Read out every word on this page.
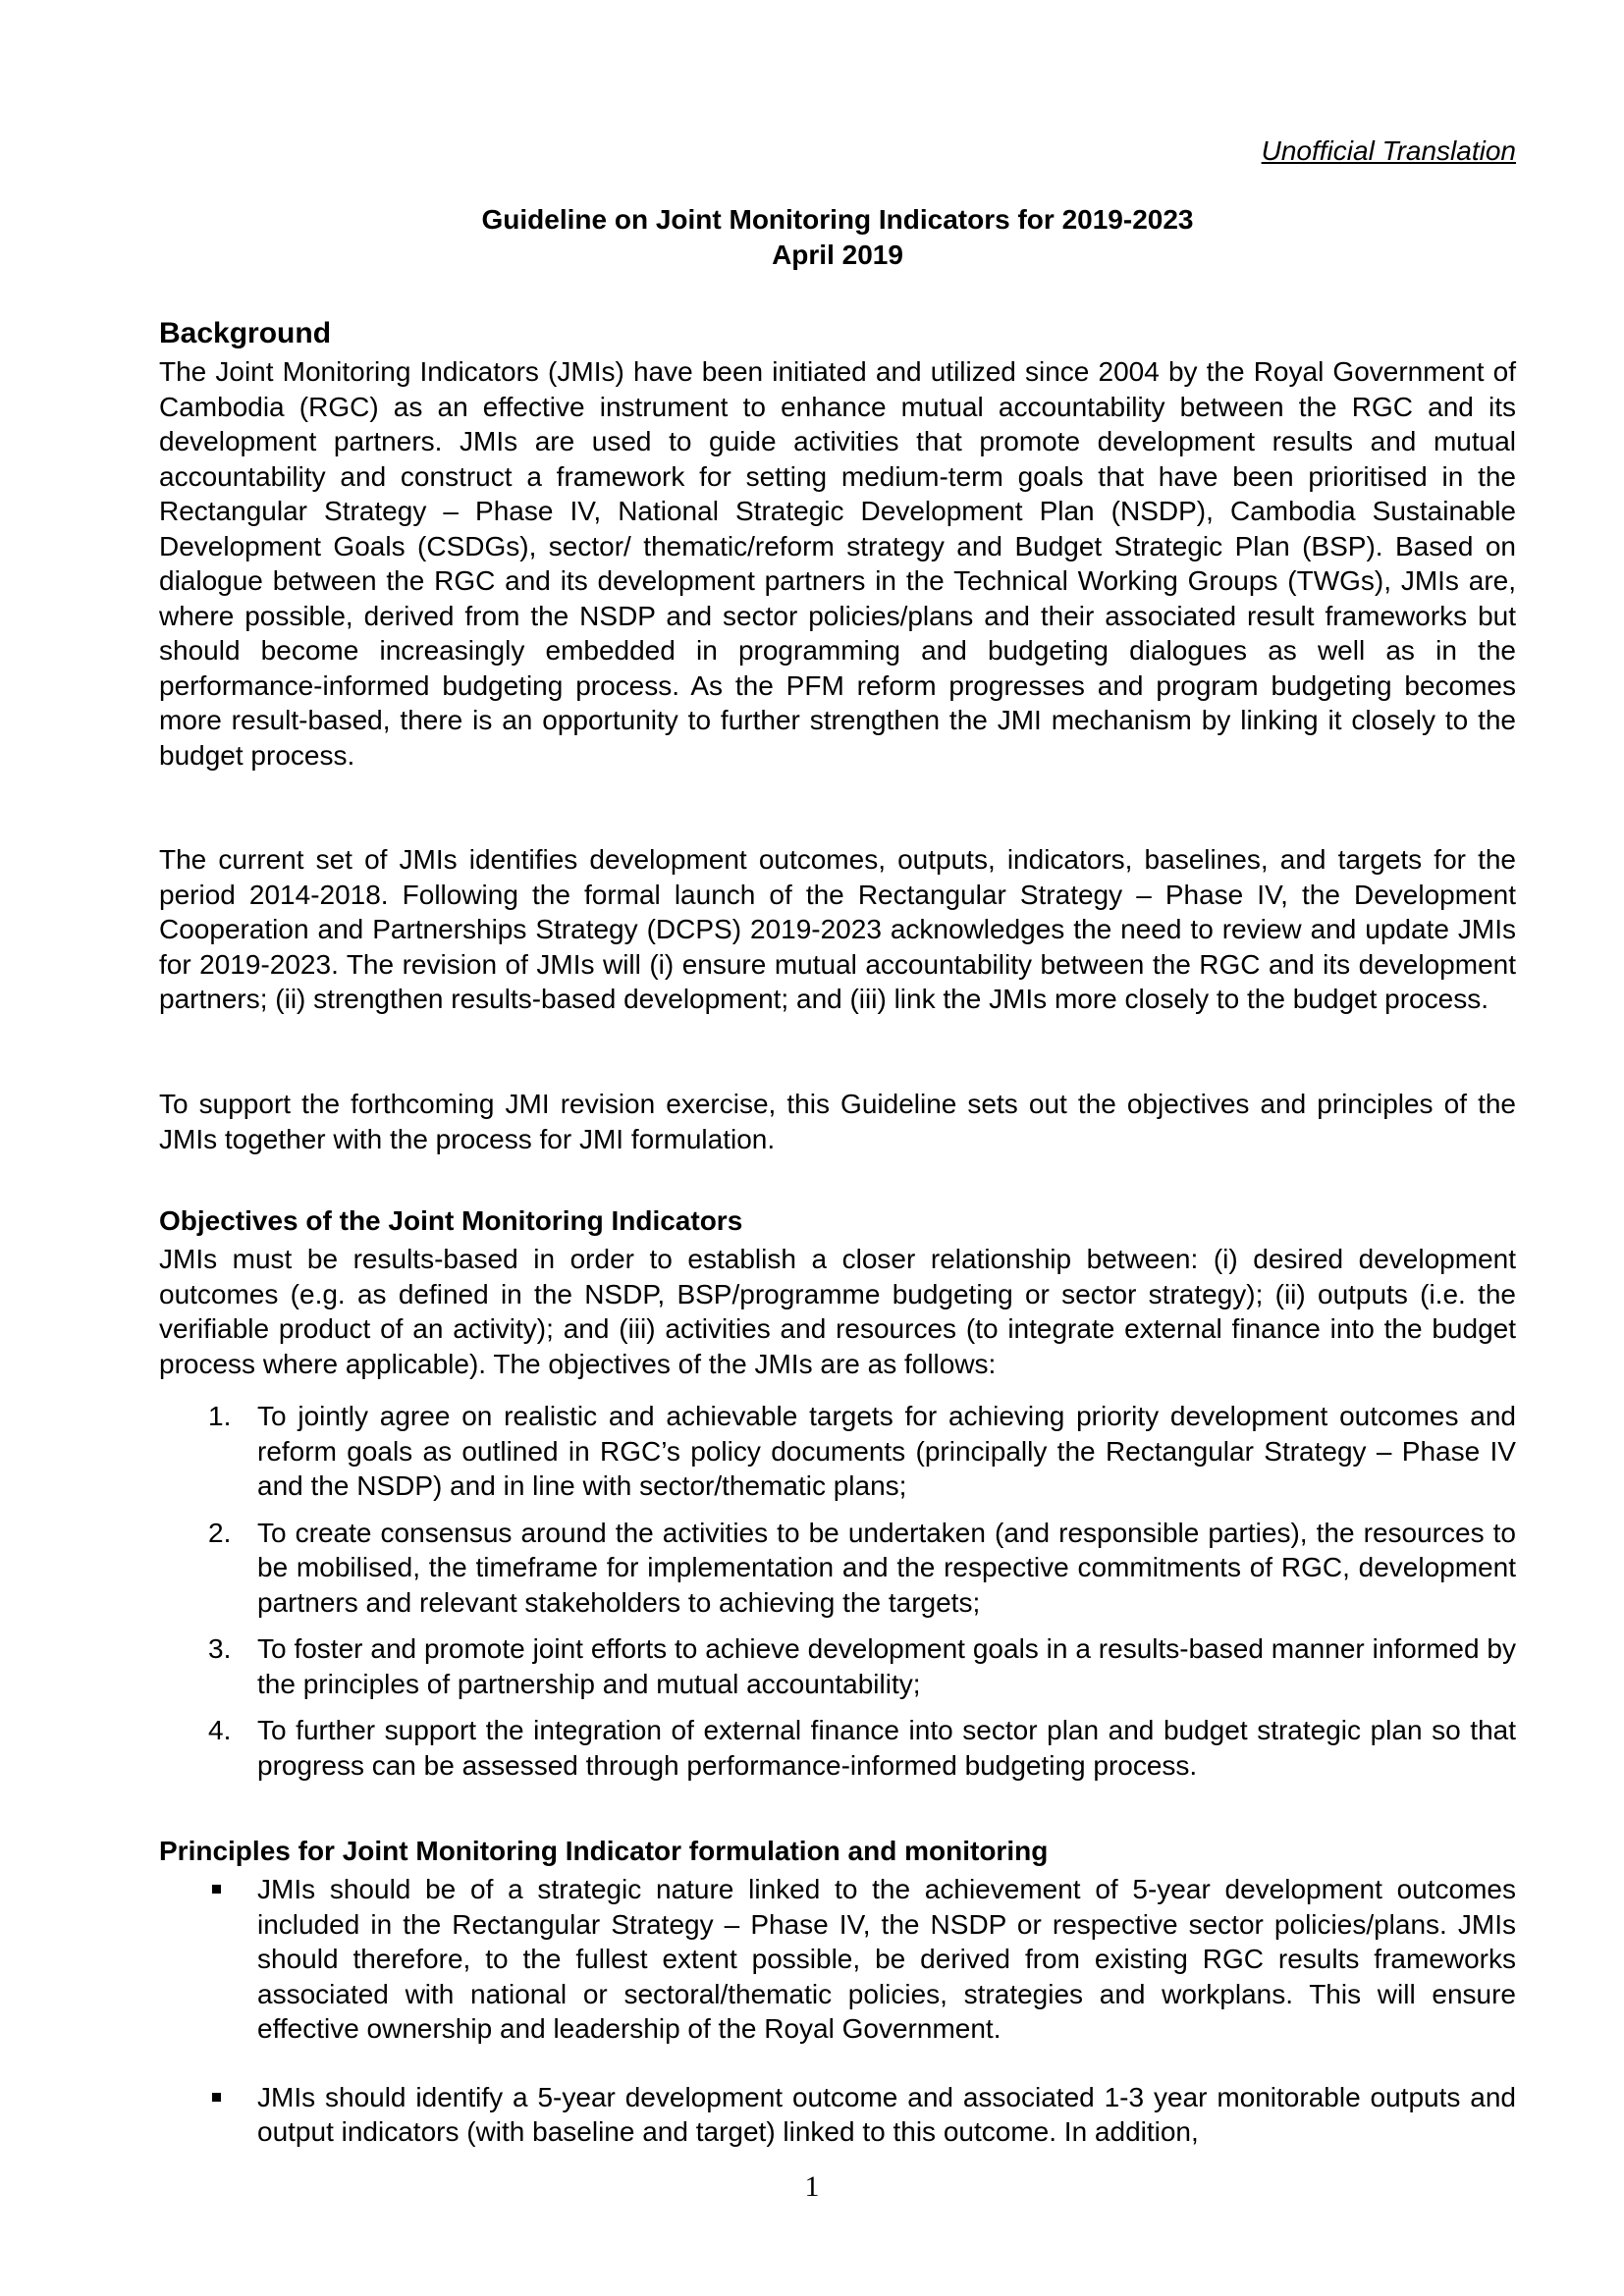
Unofficial Translation
Guideline on Joint Monitoring Indicators for 2019-2023
April 2019
Background
The Joint Monitoring Indicators (JMIs) have been initiated and utilized since 2004 by the Royal Government of Cambodia (RGC) as an effective instrument to enhance mutual accountability between the RGC and its development partners. JMIs are used to guide activities that promote development results and mutual accountability and construct a framework for setting medium-term goals that have been prioritised in the Rectangular Strategy – Phase IV, National Strategic Development Plan (NSDP), Cambodia Sustainable Development Goals (CSDGs), sector/ thematic/reform strategy and Budget Strategic Plan (BSP). Based on dialogue between the RGC and its development partners in the Technical Working Groups (TWGs), JMIs are, where possible, derived from the NSDP and sector policies/plans and their associated result frameworks but should become increasingly embedded in programming and budgeting dialogues as well as in the performance-informed budgeting process. As the PFM reform progresses and program budgeting becomes more result-based, there is an opportunity to further strengthen the JMI mechanism by linking it closely to the budget process.
The current set of JMIs identifies development outcomes, outputs, indicators, baselines, and targets for the period 2014-2018. Following the formal launch of the Rectangular Strategy – Phase IV, the Development Cooperation and Partnerships Strategy (DCPS) 2019-2023 acknowledges the need to review and update JMIs for 2019-2023. The revision of JMIs will (i) ensure mutual accountability between the RGC and its development partners; (ii) strengthen results-based development; and (iii) link the JMIs more closely to the budget process.
To support the forthcoming JMI revision exercise, this Guideline sets out the objectives and principles of the JMIs together with the process for JMI formulation.
Objectives of the Joint Monitoring Indicators
JMIs must be results-based in order to establish a closer relationship between: (i) desired development outcomes (e.g. as defined in the NSDP, BSP/programme budgeting or sector strategy); (ii) outputs (i.e. the verifiable product of an activity); and (iii) activities and resources (to integrate external finance into the budget process where applicable). The objectives of the JMIs are as follows:
1. To jointly agree on realistic and achievable targets for achieving priority development outcomes and reform goals as outlined in RGC’s policy documents (principally the Rectangular Strategy – Phase IV and the NSDP) and in line with sector/thematic plans;
2. To create consensus around the activities to be undertaken (and responsible parties), the resources to be mobilised, the timeframe for implementation and the respective commitments of RGC, development partners and relevant stakeholders to achieving the targets;
3. To foster and promote joint efforts to achieve development goals in a results-based manner informed by the principles of partnership and mutual accountability;
4. To further support the integration of external finance into sector plan and budget strategic plan so that progress can be assessed through performance-informed budgeting process.
Principles for Joint Monitoring Indicator formulation and monitoring
JMIs should be of a strategic nature linked to the achievement of 5-year development outcomes included in the Rectangular Strategy – Phase IV, the NSDP or respective sector policies/plans. JMIs should therefore, to the fullest extent possible, be derived from existing RGC results frameworks associated with national or sectoral/thematic policies, strategies and workplans. This will ensure effective ownership and leadership of the Royal Government.
JMIs should identify a 5-year development outcome and associated 1-3 year monitorable outputs and output indicators (with baseline and target) linked to this outcome. In addition,
1
